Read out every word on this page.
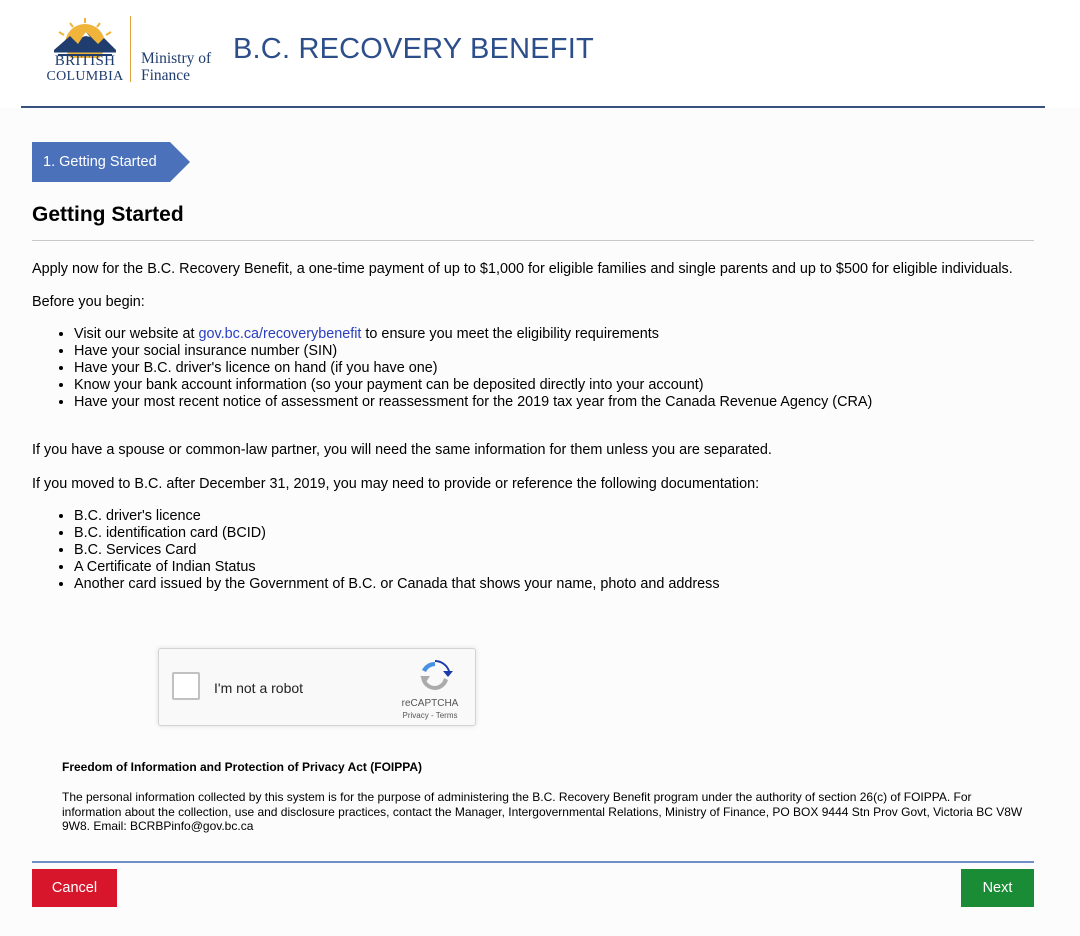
BRITISH
COLUMBIA
Ministry of Finance
B.C. RECOVERY BENEFIT
1. Getting Started
Getting Started

Apply now for the B.C. Recovery Benefit, a one-time payment of up to $1,000 for eligible families and single parents and up to $500 for eligible individuals.

Before you begin:

• Visit our website at gov.bc.ca/recoverybenefit to ensure you meet the eligibility requirements
• Have your social insurance number (SIN)
• Have your B.C. driver's licence on hand (if you have one)
• Know your bank account information (so your payment can be deposited directly into your account)
• Have your most recent notice of assessment or reassessment for the 2019 tax year from the Canada Revenue Agency (CRA)

If you have a spouse or common-law partner, you will need the same information for them unless you are separated.

If you moved to B.C. after December 31, 2019, you may need to provide or reference the following documentation:

• B.C. driver's licence
• B.C. identification card (BCID)
• B.C. Services Card
• A Certificate of Indian Status
• Another card issued by the Government of B.C. or Canada that shows your name, photo and address
I'm not a robot
reCAPTCHA
Privacy - Terms
Freedom of Information and Protection of Privacy Act (FOIPPA)
The personal information collected by this system is for the purpose of administering the B.C. Recovery Benefit program under the authority of section 26(c) of FOIPPA. For information about the collection, use and disclosure practices, contact the Manager, Intergovernmental Relations, Ministry of Finance, PO BOX 9444 Stn Prov Govt, Victoria BC V8W 9W8. Email: BCRBPinfo@gov.bc.ca
Cancel	Next
